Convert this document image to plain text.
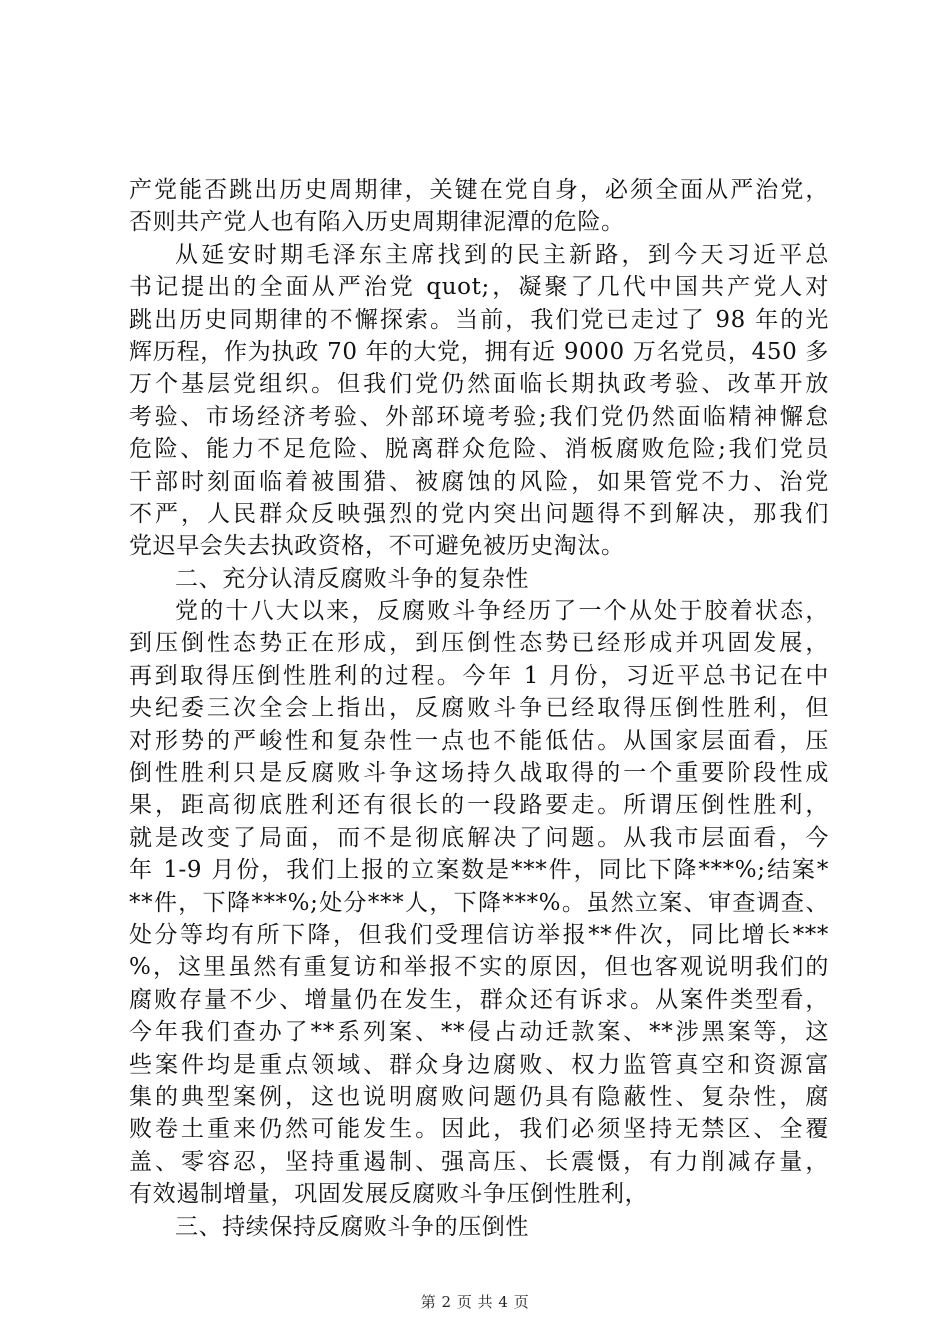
产党能否跳出历史周期律，关键在党自身，必须全面从严治党，
否则共产党人也有陷入历史周期律泥潭的危险。
从延安时期毛泽东主席找到的民主新路，到今天习近平总
书记提出的全面从严治党 quot;，凝聚了几代中国共产党人对
跳出历史同期律的不懈探索。当前，我们党已走过了 98 年的光
辉历程，作为执政 70 年的大党，拥有近 9000 万名党员，450 多
万个基层党组织。但我们党仍然面临长期执政考验、改革开放
考验、市场经济考验、外部环境考验;我们党仍然面临精神懈怠
危险、能力不足危险、脱离群众危险、消板腐败危险;我们党员
干部时刻面临着被围猎、被腐蚀的风险，如果管党不力、治党
不严，人民群众反映强烈的党内突出问题得不到解决，那我们
党迟早会失去执政资格，不可避免被历史淘汰。
二、充分认清反腐败斗争的复杂性
党的十八大以来，反腐败斗争经历了一个从处于胶着状态，
到压倒性态势正在形成，到压倒性态势已经形成并巩固发展，
再到取得压倒性胜利的过程。今年 1 月份，习近平总书记在中
央纪委三次全会上指出，反腐败斗争已经取得压倒性胜利，但
对形势的严峻性和复杂性一点也不能低估。从国家层面看，压
倒性胜利只是反腐败斗争这场持久战取得的一个重要阶段性成
果，距高彻底胜利还有很长的一段路要走。所谓压倒性胜利，
就是改变了局面，而不是彻底解决了问题。从我市层面看，今
年 1-9 月份，我们上报的立案数是***件，同比下降***%;结案*
**件，下降***%;处分***人，下降***%。虽然立案、审查调查、
处分等均有所下降，但我们受理信访举报**件次，同比增长***
%，这里虽然有重复访和举报不实的原因，但也客观说明我们的
腐败存量不少、增量仍在发生，群众还有诉求。从案件类型看，
今年我们查办了**系列案、**侵占动迁款案、**涉黑案等，这
些案件均是重点领域、群众身边腐败、权力监管真空和资源富
集的典型案例，这也说明腐败问题仍具有隐蔽性、复杂性，腐
败卷土重来仍然可能发生。因此，我们必须坚持无禁区、全覆
盖、零容忍，坚持重遏制、强高压、长震慑，有力削减存量，
有效遏制增量，巩固发展反腐败斗争压倒性胜利，
三、持续保持反腐败斗争的压倒性
第 2 页 共 4 页
